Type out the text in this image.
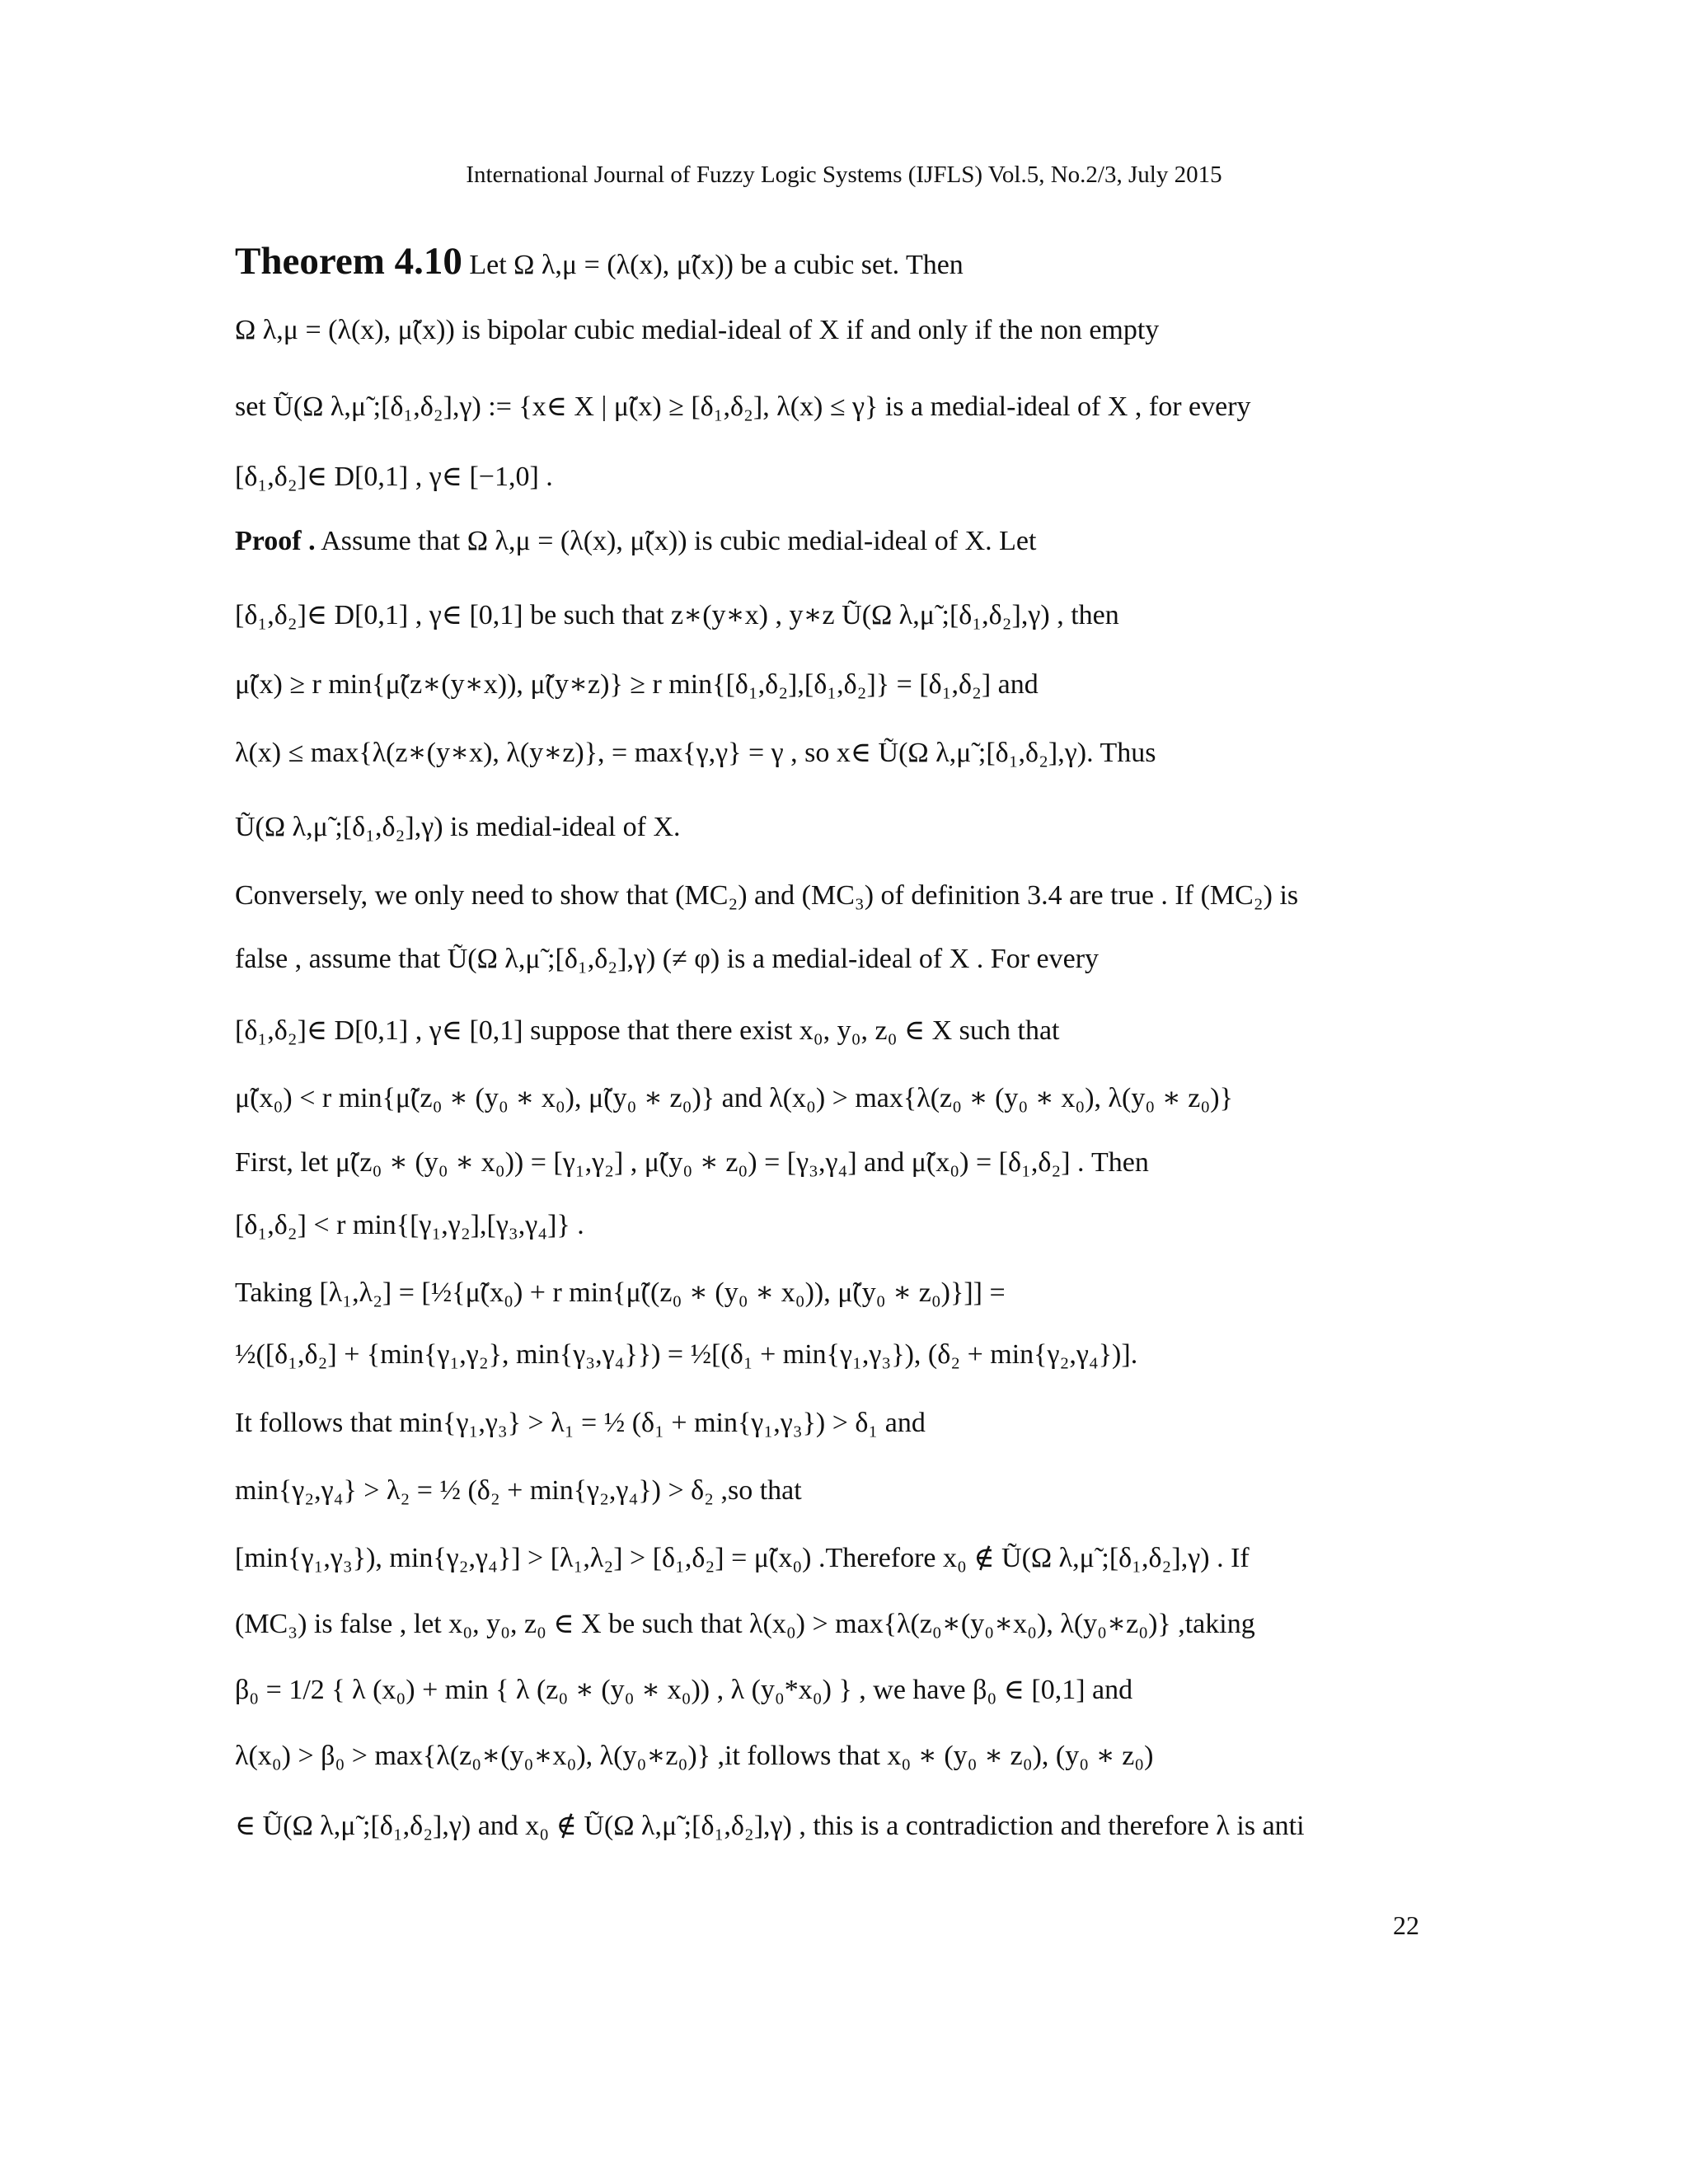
International Journal of Fuzzy Logic Systems (IJFLS) Vol.5, No.2/3, July 2015
Theorem 4.10 Let Ω λ,μ = (λ(x), μ̃(x)) be a cubic set. Then
Ω λ,μ = (λ(x), μ̃(x)) is bipolar cubic medial-ideal of X if and only if the non empty
set Ũ(Ω λ,μ̃ ;[δ₁,δ₂],γ) := {x∈ X | μ̃(x) ≥ [δ₁,δ₂], λ(x) ≤ γ} is a medial-ideal of X , for every
[δ₁,δ₂]∈ D[0,1] , γ∈ [−1,0] .
Proof . Assume that Ω λ,μ = (λ(x), μ̃(x)) is cubic medial-ideal of X. Let
[δ₁,δ₂]∈ D[0,1] , γ∈ [0,1] be such that z∗(y∗x) , y∗z Ũ(Ω λ,μ̃ ;[δ₁,δ₂],γ) , then
μ̃(x) ≥ r min{μ̃(z∗(y∗x)), μ̃(y∗z)} ≥ r min{[δ₁,δ₂],[δ₁,δ₂]} = [δ₁,δ₂] and
λ(x) ≤ max{λ(z∗(y∗x), λ(y∗z)}, = max{γ,γ} = γ , so x∈ Ũ(Ω λ,μ̃ ;[δ₁,δ₂],γ). Thus
Ũ(Ω λ,μ̃ ;[δ₁,δ₂],γ) is medial-ideal of X.
Conversely, we only need to show that (MC₂) and (MC₃) of definition 3.4 are true . If (MC₂) is
false , assume that Ũ(Ω λ,μ̃ ;[δ₁,δ₂],γ) (≠ φ) is a medial-ideal of X . For every
[δ₁,δ₂]∈ D[0,1] , γ∈ [0,1] suppose that there exist x₀, y₀, z₀ ∈ X such that
μ̃(x₀) < r min{μ̃(z₀ ∗ (y₀ ∗ x₀), μ̃(y₀ ∗ z₀)} and λ(x₀) > max{λ(z₀ ∗ (y₀ ∗ x₀), λ(y₀ ∗ z₀)}
First, let μ̃(z₀ ∗ (y₀ ∗ x₀)) = [γ₁,γ₂] , μ̃(y₀ ∗ z₀) = [γ₃,γ₄] and μ̃(x₀) = [δ₁,δ₂] . Then
[δ₁,δ₂] < r min{[γ₁,γ₂],[γ₃,γ₄]} .
Taking [λ₁,λ₂] = [½{μ̃(x₀) + r min{μ̃((z₀ ∗ (y₀ ∗ x₀)), μ̃(y₀ ∗ z₀)}]] =
½([δ₁,δ₂] + {min{γ₁,γ₂}, min{γ₃,γ₄}}) = ½[(δ₁ + min{γ₁,γ₃}), (δ₂ + min{γ₂,γ₄})].
It follows that min{γ₁,γ₃} > λ₁ = ½ (δ₁ + min{γ₁,γ₃}) > δ₁ and
min{γ₂,γ₄} > λ₂ = ½ (δ₂ + min{γ₂,γ₄}) > δ₂ ,so that
[min{γ₁,γ₃}), min{γ₂,γ₄}] > [λ₁,λ₂] > [δ₁,δ₂] = μ̃(x₀) .Therefore x₀ ∉ Ũ(Ω λ,μ̃ ;[δ₁,δ₂],γ) . If
(MC₃) is false , let x₀, y₀, z₀ ∈ X be such that λ(x₀) > max{λ(z₀∗(y₀∗x₀), λ(y₀∗z₀)} ,taking
β₀ = 1/2 { λ (x₀) + min { λ (z₀ ∗ (y₀ ∗ x₀)) , λ (y₀*x₀) } , we have β₀ ∈ [0,1] and
λ(x₀) > β₀ > max{λ(z₀∗(y₀∗x₀), λ(y₀∗z₀)} ,it follows that x₀ ∗ (y₀ ∗ z₀), (y₀ ∗ z₀)
∈ Ũ(Ω λ,μ̃ ;[δ₁,δ₂],γ) and x₀ ∉ Ũ(Ω λ,μ̃ ;[δ₁,δ₂],γ) , this is a contradiction and therefore λ is anti
22
